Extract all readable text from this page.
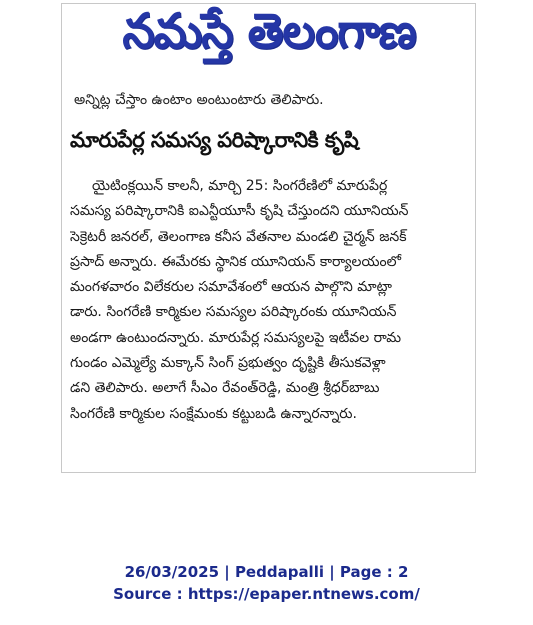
నమస్తే తెలంగాణ
అన్నిట్ల చేస్తాం ఉంటాం అంటుంటారు తెలిపారు.
మారుపేర్ల సమస్య పరిష్కారానికి కృషి
యైటింక్లయిన్ కాలనీ, మార్చి 25: సింగరేణిలో మారుపేర్ల
సమస్య పరిష్కారానికి ఐఎన్టీయూసీ కృషి చేస్తుందని యూనియన్
సెక్రెటరీ జనరల్, తెలంగాణ కనీస వేతనాల మండలి చైర్మన్ జనక్
ప్రసాద్ అన్నారు. ఈమేరకు స్థానిక యూనియన్ కార్యాలయంలో
మంగళవారం విలేకరుల సమావేశంలో ఆయన పాల్గొని మాట్లా
డారు. సింగరేణి కార్మికుల సమస్యల పరిష్కారంకు యూనియన్
అండగా ఉంటుందన్నారు. మారుపేర్ల సమస్యలపై ఇటీవల రామ
గుండం ఎమ్మెల్యే మక్కాన్ సింగ్ ప్రభుత్వం దృష్టికి తీసుకవెళ్లా
డని తెలిపారు. అలాగే సీఎం రేవంత్‌రెడ్డి, మంత్రి శ్రీధర్‌బాబు
సింగరేణి కార్మికుల సంక్షేమంకు కట్టుబడి ఉన్నారన్నారు.
26/03/2025 | Peddapalli | Page : 2
Source : https://epaper.ntnews.com/
